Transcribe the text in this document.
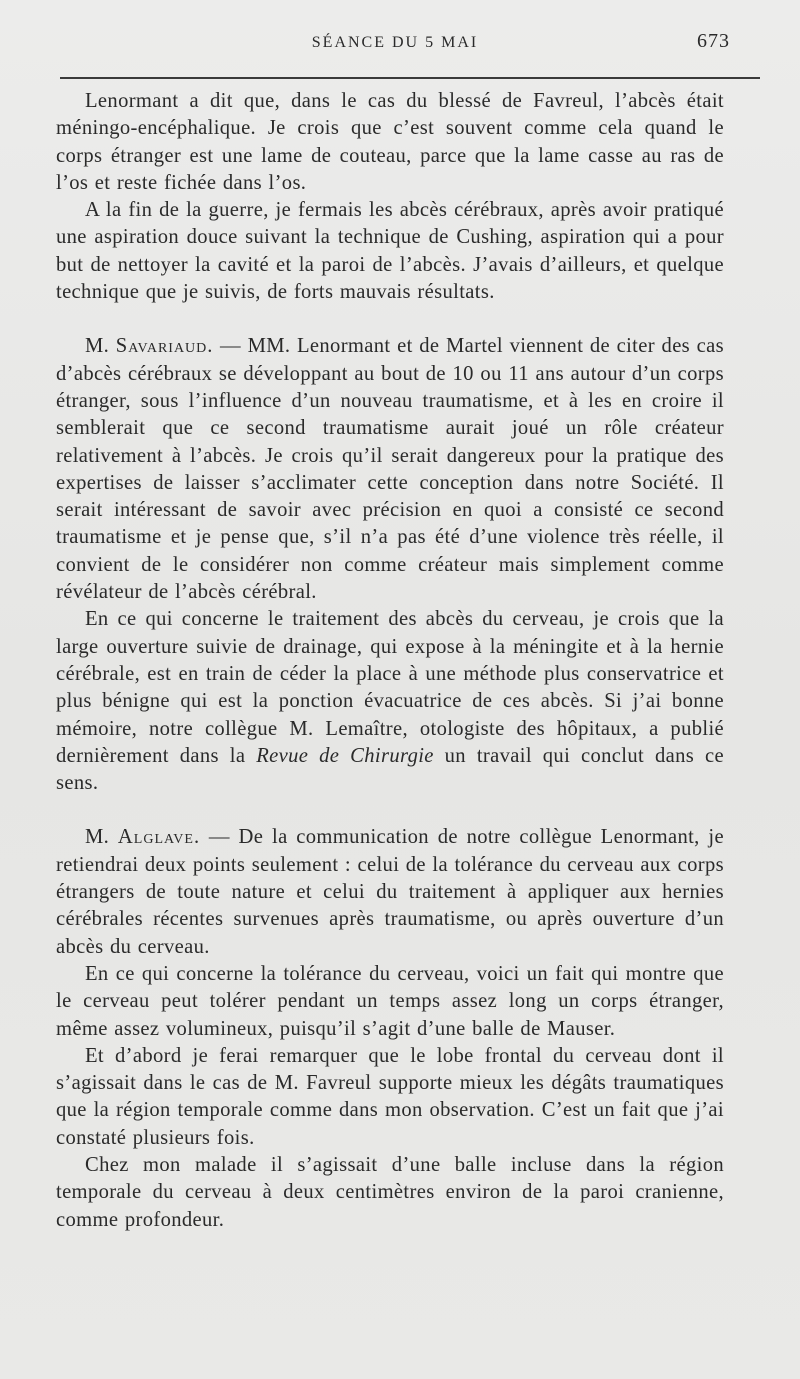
SÉANCE DU 5 MAI	673

Lenormant a dit que, dans le cas du blessé de Favreul, l’abcès était méningo-encéphalique. Je crois que c’est souvent comme cela quand le corps étranger est une lame de couteau, parce que la lame casse au ras de l’os et reste fichée dans l’os.

A la fin de la guerre, je fermais les abcès cérébraux, après avoir pratiqué une aspiration douce suivant la technique de Cushing, aspiration qui a pour but de nettoyer la cavité et la paroi de l’abcès. J’avais d’ailleurs, et quelque technique que je suivis, de forts mauvais résultats.

M. Savariaud. — MM. Lenormant et de Martel viennent de citer des cas d’abcès cérébraux se développant au bout de 10 ou 11 ans autour d’un corps étranger, sous l’influence d’un nouveau traumatisme, et à les en croire il semblerait que ce second traumatisme aurait joué un rôle créateur relativement à l’abcès. Je crois qu’il serait dangereux pour la pratique des expertises de laisser s’acclimater cette conception dans notre Société. Il serait intéressant de savoir avec précision en quoi a consisté ce second traumatisme et je pense que, s’il n’a pas été d’une violence très réelle, il convient de le considérer non comme créateur mais simplement comme révélateur de l’abcès cérébral.

En ce qui concerne le traitement des abcès du cerveau, je crois que la large ouverture suivie de drainage, qui expose à la méningite et à la hernie cérébrale, est en train de céder la place à une méthode plus conservatrice et plus bénigne qui est la ponction évacuatrice de ces abcès. Si j’ai bonne mémoire, notre collègue M. Lemaître, otologiste des hôpitaux, a publié dernièrement dans la Revue de Chirurgie un travail qui conclut dans ce sens.

M. Alglave. — De la communication de notre collègue Lenormant, je retiendrai deux points seulement : celui de la tolérance du cerveau aux corps étrangers de toute nature et celui du traitement à appliquer aux hernies cérébrales récentes survenues après traumatisme, ou après ouverture d’un abcès du cerveau.

En ce qui concerne la tolérance du cerveau, voici un fait qui montre que le cerveau peut tolérer pendant un temps assez long un corps étranger, même assez volumineux, puisqu’il s’agit d’une balle de Mauser.

Et d’abord je ferai remarquer que le lobe frontal du cerveau dont il s’agissait dans le cas de M. Favreul supporte mieux les dégâts traumatiques que la région temporale comme dans mon observation. C’est un fait que j’ai constaté plusieurs fois.

Chez mon malade il s’agissait d’une balle incluse dans la région temporale du cerveau à deux centimètres environ de la paroi cranienne, comme profondeur.
